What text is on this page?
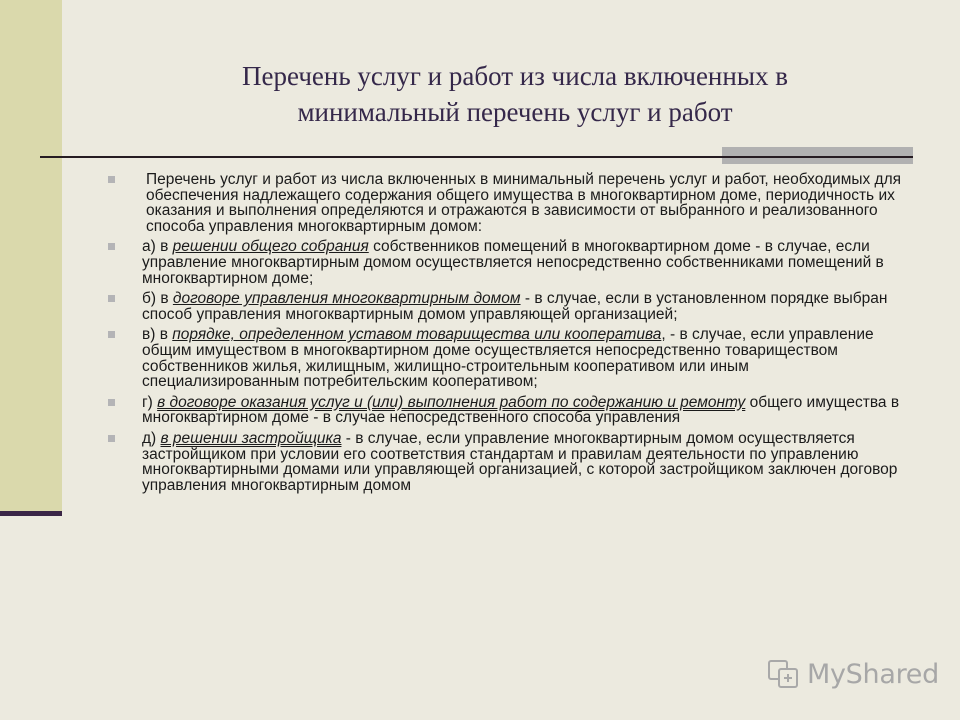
Перечень услуг и работ из числа включенных в
минимальный перечень услуг и работ
Перечень услуг и работ из числа включенных в минимальный перечень услуг и работ, необходимых для обеспечения надлежащего содержания общего имущества в многоквартирном доме, периодичность их оказания и выполнения определяются и отражаются в зависимости от выбранного и реализованного способа управления многоквартирным домом:
а) в решении общего собрания собственников помещений в многоквартирном доме - в случае, если управление многоквартирным домом осуществляется непосредственно собственниками помещений в многоквартирном доме;
б) в договоре управления многоквартирным домом - в случае, если в установленном порядке выбран способ управления многоквартирным домом управляющей организацией;
в) в порядке, определенном уставом товарищества или кооператива, - в случае, если управление общим имуществом в многоквартирном доме осуществляется непосредственно товариществом собственников жилья, жилищным, жилищно-строительным кооперативом или иным специализированным потребительским кооперативом;
г) в договоре оказания услуг и (или) выполнения работ по содержанию и ремонту общего имущества в многоквартирном доме - в случае непосредственного способа управления
д) в решении застройщика - в случае, если управление многоквартирным домом осуществляется застройщиком при условии его соответствия стандартам и правилам деятельности по управлению многоквартирными домами или управляющей организацией, с которой застройщиком заключен договор управления многоквартирным домом
MyShared
